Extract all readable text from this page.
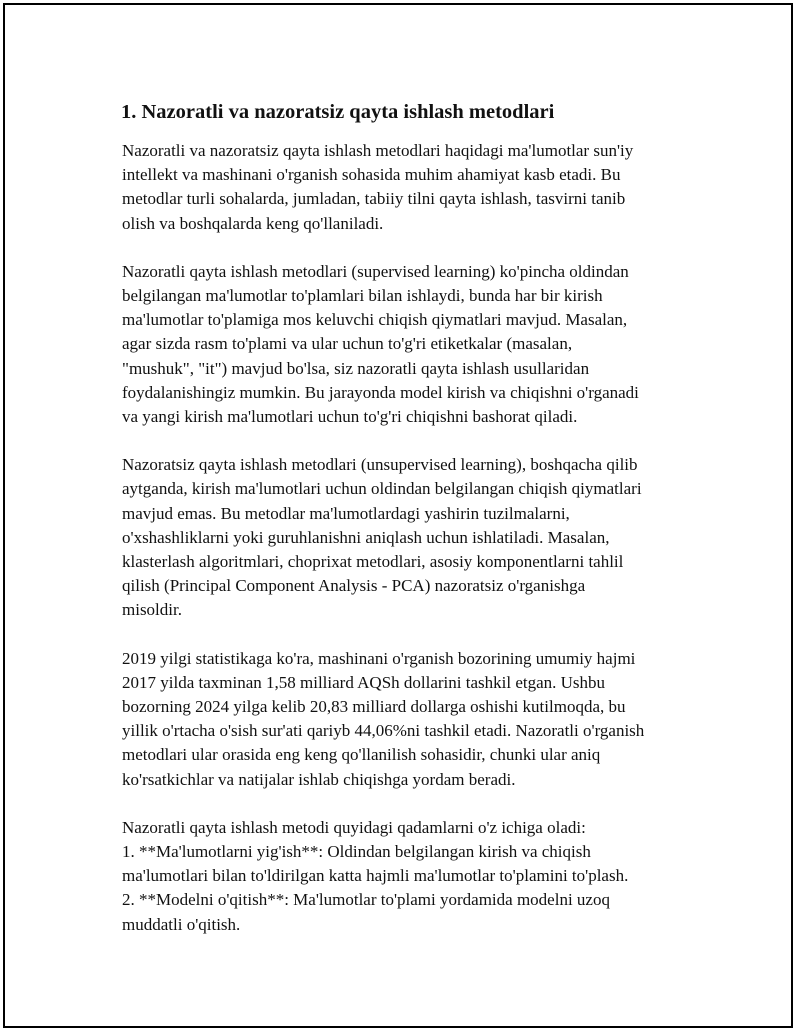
1. Nazoratli va nazoratsiz qayta ishlash metodlari

Nazoratli va nazoratsiz qayta ishlash metodlari haqidagi ma'lumotlar sun'iy
intellekt va mashinani o'rganish sohasida muhim ahamiyat kasb etadi. Bu
metodlar turli sohalarda, jumladan, tabiiy tilni qayta ishlash, tasvirni tanib
olish va boshqalarda keng qo'llaniladi.

Nazoratli qayta ishlash metodlari (supervised learning) ko'pincha oldindan
belgilangan ma'lumotlar to'plamlari bilan ishlaydi, bunda har bir kirish
ma'lumotlar to'plamiga mos keluvchi chiqish qiymatlari mavjud. Masalan,
agar sizda rasm to'plami va ular uchun to'g'ri etiketkalar (masalan,
"mushuk", "it") mavjud bo'lsa, siz nazoratli qayta ishlash usullaridan
foydalanishingiz mumkin. Bu jarayonda model kirish va chiqishni o'rganadi
va yangi kirish ma'lumotlari uchun to'g'ri chiqishni bashorat qiladi.

Nazoratsiz qayta ishlash metodlari (unsupervised learning), boshqacha qilib
aytganda, kirish ma'lumotlari uchun oldindan belgilangan chiqish qiymatlari
mavjud emas. Bu metodlar ma'lumotlardagi yashirin tuzilmalarni,
o'xshashliklarni yoki guruhlanishni aniqlash uchun ishlatiladi. Masalan,
klasterlash algoritmlari, choprixat metodlari, asosiy komponentlarni tahlil
qilish (Principal Component Analysis - PCA) nazoratsiz o'rganishga
misoldir.

2019 yilgi statistikaga ko'ra, mashinani o'rganish bozorining umumiy hajmi
2017 yilda taxminan 1,58 milliard AQSh dollarini tashkil etgan. Ushbu
bozorning 2024 yilga kelib 20,83 milliard dollarga oshishi kutilmoqda, bu
yillik o'rtacha o'sish sur'ati qariyb 44,06%ni tashkil etadi. Nazoratli o'rganish
metodlari ular orasida eng keng qo'llanilish sohasidir, chunki ular aniq
ko'rsatkichlar va natijalar ishlab chiqishga yordam beradi.

Nazoratli qayta ishlash metodi quyidagi qadamlarni o'z ichiga oladi:
1. **Ma'lumotlarni yig'ish**: Oldindan belgilangan kirish va chiqish
ma'lumotlari bilan to'ldirilgan katta hajmli ma'lumotlar to'plamini to'plash.
2. **Modelni o'qitish**: Ma'lumotlar to'plami yordamida modelni uzoq
muddatli o'qitish.
